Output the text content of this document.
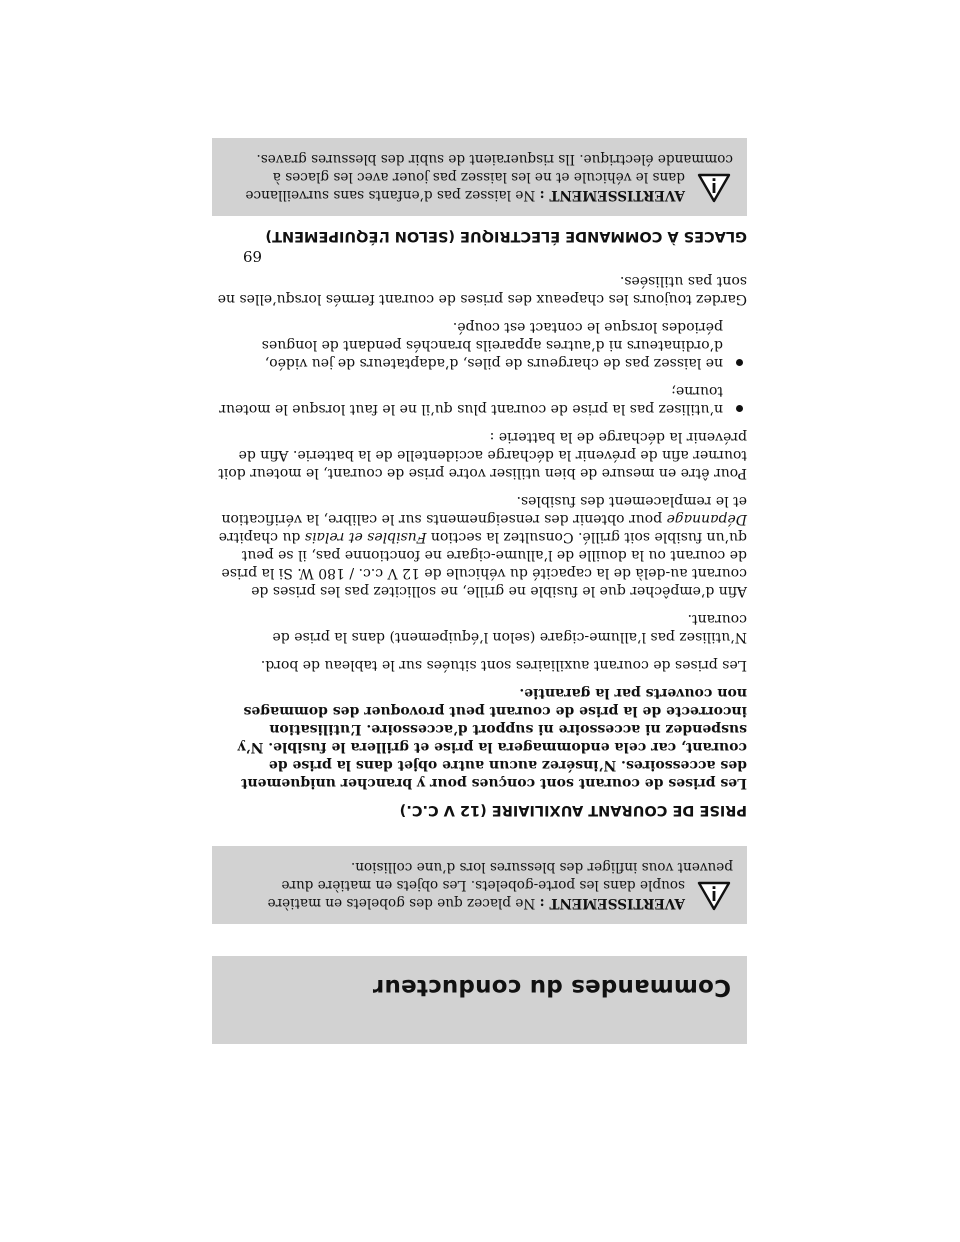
Commandes du conducteur
AVERTISSEMENT : Ne placez que des gobelets en matière
souple dans les porte-gobelets. Les objets en matière dure
peuvent vous infliger des blessures lors d’une collision.
PRISE DE COURANT AUXILIAIRE (12 V C.C.)

Les prises de courant sont conçues pour y brancher uniquement des accessoires. N’insérez aucun autre objet dans la prise de courant, car cela endommagera la prise et grillera le fusible. N’y suspendez ni accessoire ni support d’accessoire. L’utilisation incorrecte de la prise de courant peut provoquer des dommages non couverts par la garantie.

Les prises de courant auxiliaires sont situées sur le tableau de bord.

N’utilisez pas l’allume-cigare (selon l’équipement) dans la prise de courant.

Afin d’empêcher que le fusible ne grille, ne sollicitez pas les prises de courant au-delà de la capacité du véhicule de 12 V c.c. / 180 W. Si la prise de courant ou la douille de l’allume-cigare ne fonctionne pas, il se peut qu’un fusible soit grillé. Consultez la section Fusibles et relais du chapitre Dépannage pour obtenir des renseignements sur le calibre, la vérification et le remplacement des fusibles.

Pour être en mesure de bien utiliser votre prise de courant, le moteur doit tourner afin de prévenir la décharge accidentelle de la batterie. Afin de prévenir la décharge de la batterie :

n’utilisez pas la prise de courant plus qu’il ne le faut lorsque le moteur tourne;
ne laissez pas de chargeurs de piles, d’adaptateurs de jeu vidéo, d’ordinateurs ni d’autres appareils branchés pendant de longues périodes lorsque le contact est coupé.

Gardez toujours les chapeaux des prises de courant fermés lorsqu’elles ne sont pas utilisées.

GLACES À COMMANDE ÉLECTRIQUE (SELON L’ÉQUIPEMENT)
AVERTISSEMENT : Ne laissez pas d’enfants sans surveillance
dans le véhicule et ne les laissez pas jouer avec les glaces à
commande électrique. Ils risqueraient de subir des blessures graves.
69
